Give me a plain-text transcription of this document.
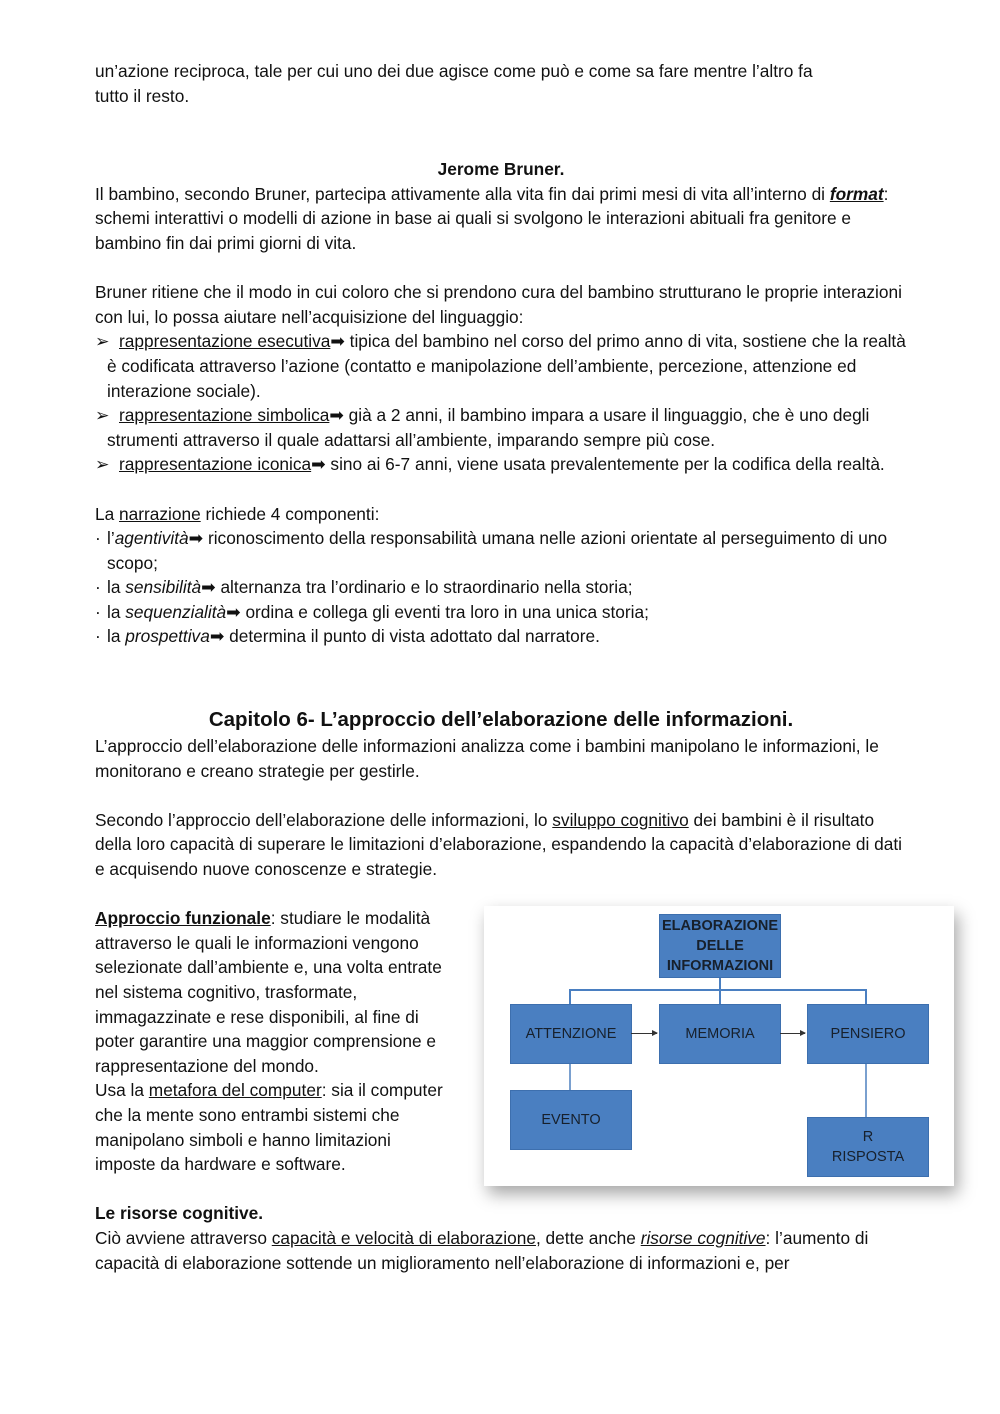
un’azione reciproca, tale per cui uno dei due agisce come può e come sa fare mentre l’altro fa
tutto il resto.

Jerome Bruner.

Il bambino, secondo Bruner, partecipa attivamente alla vita fin dai primi mesi di vita all’interno di format: schemi interattivi o modelli di azione in base ai quali si svolgono le interazioni abituali fra genitore e bambino fin dai primi giorni di vita.

Bruner ritiene che il modo in cui coloro che si prendono cura del bambino strutturano le proprie interazioni con lui, lo possa aiutare nell’acquisizione del linguaggio:

➢ rappresentazione esecutiva➡ tipica del bambino nel corso del primo anno di vita, sostiene che la realtà è codificata attraverso l’azione (contatto e manipolazione dell’ambiente, percezione, attenzione ed interazione sociale).
➢ rappresentazione simbolica➡ già a 2 anni, il bambino impara a usare il linguaggio, che è uno degli strumenti attraverso il quale adattarsi all’ambiente, imparando sempre più cose.
➢ rappresentazione iconica➡ sino ai 6-7 anni, viene usata prevalentemente per la codifica della realtà.

La narrazione richiede 4 componenti:

· l’agentività➡ riconoscimento della responsabilità umana nelle azioni orientate al perseguimento di uno scopo;
· la sensibilità➡ alternanza tra l’ordinario e lo straordinario nella storia;
· la sequenzialità➡ ordina e collega gli eventi tra loro in una unica storia;
· la prospettiva➡ determina il punto di vista adottato dal narratore.

Capitolo 6- L’approccio dell’elaborazione delle informazioni.

L’approccio dell’elaborazione delle informazioni analizza come i bambini manipolano le informazioni, le monitorano e creano strategie per gestirle.

Secondo l’approccio dell’elaborazione delle informazioni, lo sviluppo cognitivo dei bambini è il risultato della loro capacità di superare le limitazioni d’elaborazione, espandendo la capacità d’elaborazione di dati e acquisendo nuove conoscenze e strategie.

Approccio funzionale: studiare le modalità attraverso le quali le informazioni vengono selezionate dall’ambiente e, una volta entrate nel sistema cognitivo, trasformate, immagazzinate e rese disponibili, al fine di poter garantire una maggior comprensione e rappresentazione del mondo.

Usa la metafora del computer: sia il computer che la mente sono entrambi sistemi che manipolano simboli e hanno limitazioni imposte da hardware e software.

ELABORAZIONE
DELLE
INFORMAZIONI
ATTENZIONE	MEMORIA	PENSIERO
EVENTO
R
RISPOSTA

Le risorse cognitive.

Ciò avviene attraverso capacità e velocità di elaborazione, dette anche risorse cognitive: l’aumento di capacità di elaborazione sottende un miglioramento nell’elaborazione di informazioni e, per
